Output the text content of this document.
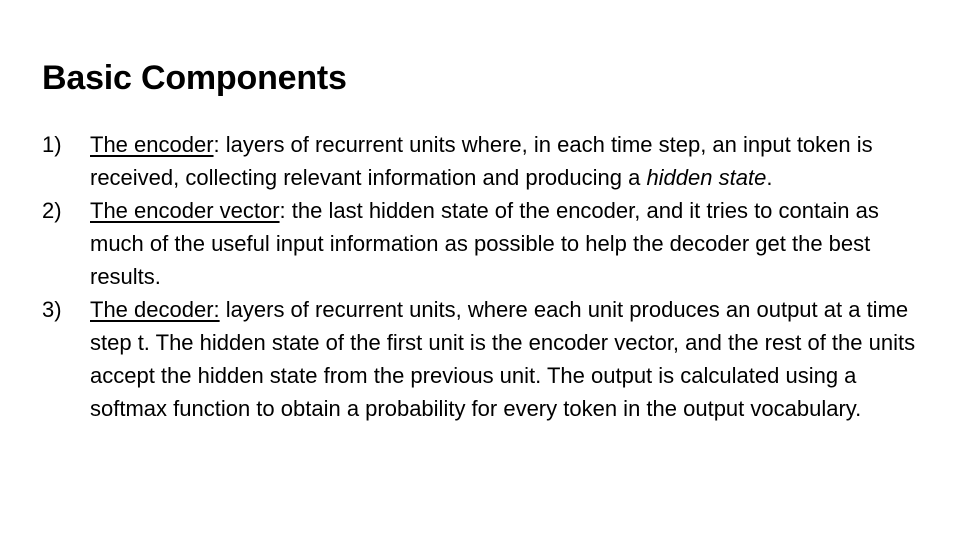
Basic Components
1)	The encoder: layers of recurrent units where, in each time step, an input token is received, collecting relevant information and producing a hidden state.
2)	The encoder vector: the last hidden state of the encoder, and it tries to contain as much of the useful input information as possible to help the decoder get the best results.
3)	The decoder: layers of recurrent units, where each unit produces an output at a time step t. The hidden state of the first unit is the encoder vector, and the rest of the units accept the hidden state from the previous unit. The output is calculated using a softmax function to obtain a probability for every token in the output vocabulary.
